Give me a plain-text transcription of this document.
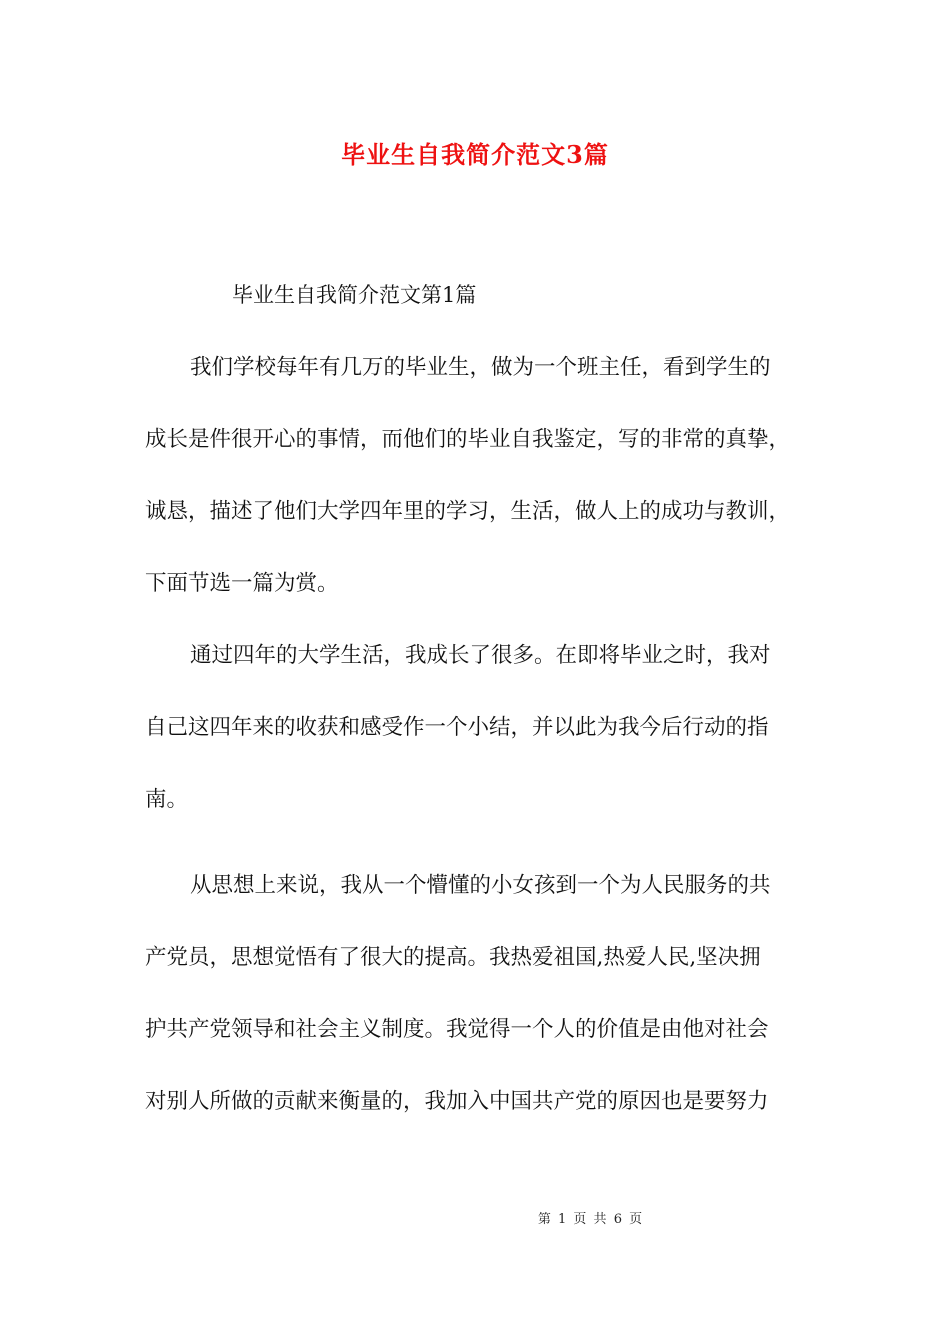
毕业生自我简介范文3篇
毕业生自我简介范文第1篇
我们学校每年有几万的毕业生，做为一个班主任，看到学生的
成长是件很开心的事情，而他们的毕业自我鉴定，写的非常的真挚，
诚恳，描述了他们大学四年里的学习，生活，做人上的成功与教训，
下面节选一篇为赏。
通过四年的大学生活，我成长了很多。在即将毕业之时，我对
自己这四年来的收获和感受作一个小结，并以此为我今后行动的指
南。
从思想上来说，我从一个懵懂的小女孩到一个为人民服务的共
产党员，思想觉悟有了很大的提高。我热爱祖国,热爱人民,坚决拥
护共产党领导和社会主义制度。我觉得一个人的价值是由他对社会
对别人所做的贡献来衡量的，我加入中国共产党的原因也是要努力
第 1 页 共 6 页
